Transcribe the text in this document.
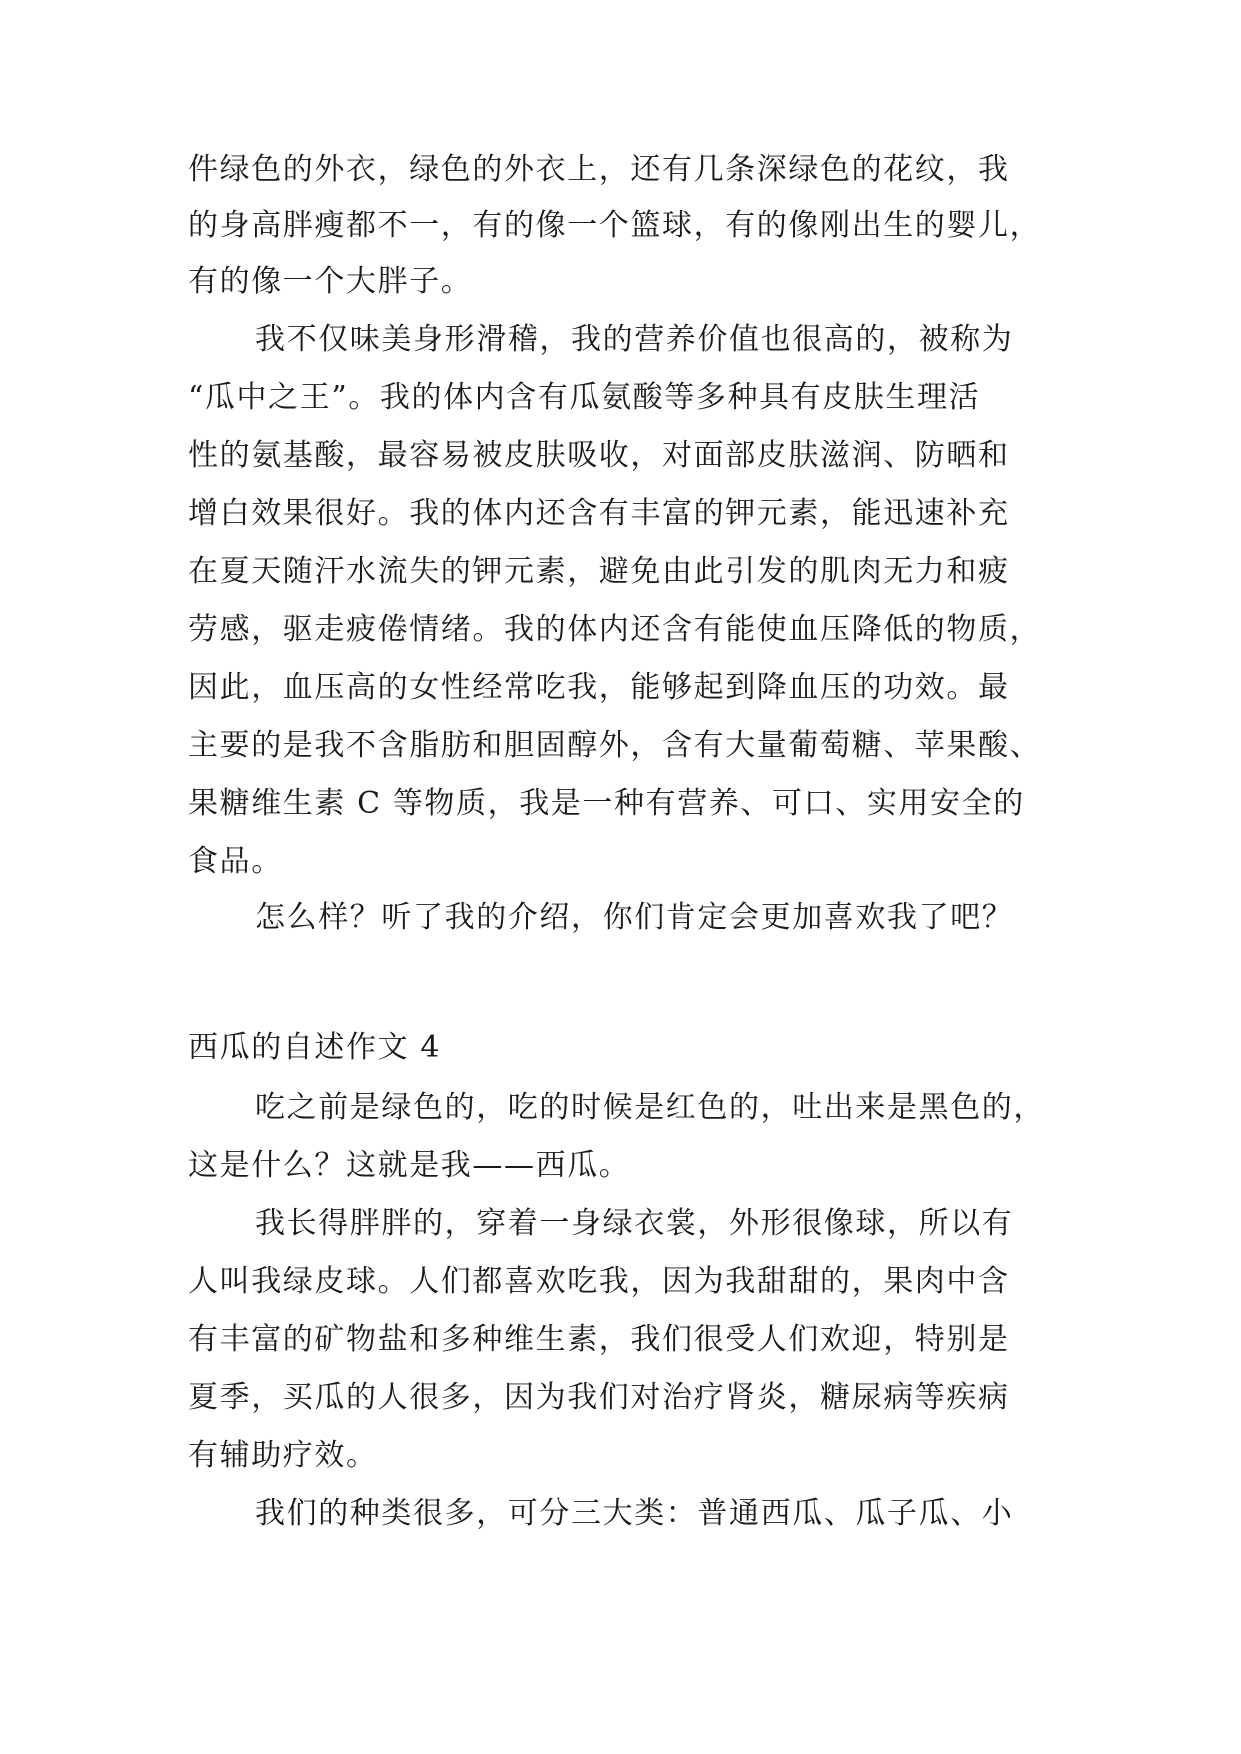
件绿色的外衣，绿色的外衣上，还有几条深绿色的花纹，我
的身高胖瘦都不一，有的像一个篮球，有的像刚出生的婴儿，
有的像一个大胖子。
我不仅味美身形滑稽，我的营养价值也很高的，被称为
“瓜中之王”。我的体内含有瓜氨酸等多种具有皮肤生理活
性的氨基酸，最容易被皮肤吸收，对面部皮肤滋润、防晒和
增白效果很好。我的体内还含有丰富的钾元素，能迅速补充
在夏天随汗水流失的钾元素，避免由此引发的肌肉无力和疲
劳感，驱走疲倦情绪。我的体内还含有能使血压降低的物质，
因此，血压高的女性经常吃我，能够起到降血压的功效。最
主要的是我不含脂肪和胆固醇外，含有大量葡萄糖、苹果酸、
果糖维生素 C 等物质，我是一种有营养、可口、实用安全的
食品。
怎么样？听了我的介绍，你们肯定会更加喜欢我了吧？
西瓜的自述作文 4
吃之前是绿色的，吃的时候是红色的，吐出来是黑色的，
这是什么？这就是我——西瓜。
我长得胖胖的，穿着一身绿衣裳，外形很像球，所以有
人叫我绿皮球。人们都喜欢吃我，因为我甜甜的，果肉中含
有丰富的矿物盐和多种维生素，我们很受人们欢迎，特别是
夏季，买瓜的人很多，因为我们对治疗肾炎，糖尿病等疾病
有辅助疗效。
我们的种类很多，可分三大类：普通西瓜、瓜子瓜、小
